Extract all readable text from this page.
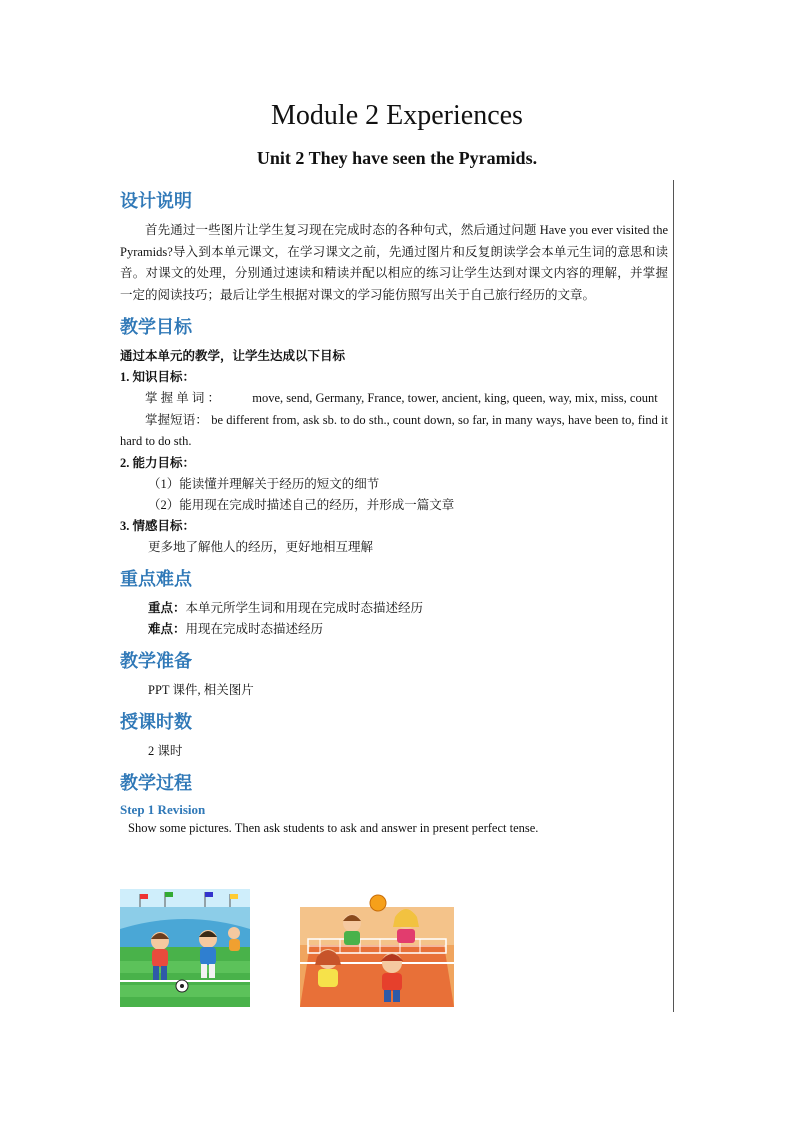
Module 2 Experiences
Unit 2 They have seen the Pyramids.
设计说明

首先通过一些图片让学生复习现在完成时态的各种句式，然后通过问题 Have you ever visited the Pyramids?导入到本单元课文，在学习课文之前，先通过图片和反复朗读学会本单元生词的意思和读音。对课文的处理，分别通过速读和精读并配以相应的练习让学生达到对课文内容的理解，并掌握一定的阅读技巧；最后让学生根据对课文的学习能仿照写出关于自己旅行经历的文章。

教学目标

通过本单元的教学，让学生达成以下目标

1. 知识目标：

掌 握 单 词 ：	move, send, Germany, France, tower, ancient, king, queen, way, mix, miss, count

掌握短语： be different from, ask sb. to do sth., count down, so far, in many ways, have been to, find it hard to do sth.

2. 能力目标：

（1）能读懂并理解关于经历的短文的细节

（2）能用现在完成时描述自己的经历，并形成一篇文章

3. 情感目标：

更多地了解他人的经历，更好地相互理解

重点难点

重点：本单元所学生词和用现在完成时态描述经历

难点：用现在完成时态描述经历

教学准备

PPT 课件, 相关图片

授课时数

2 课时

教学过程

Step 1 Revision

Show some pictures. Then ask students to ask and answer in present perfect tense.
